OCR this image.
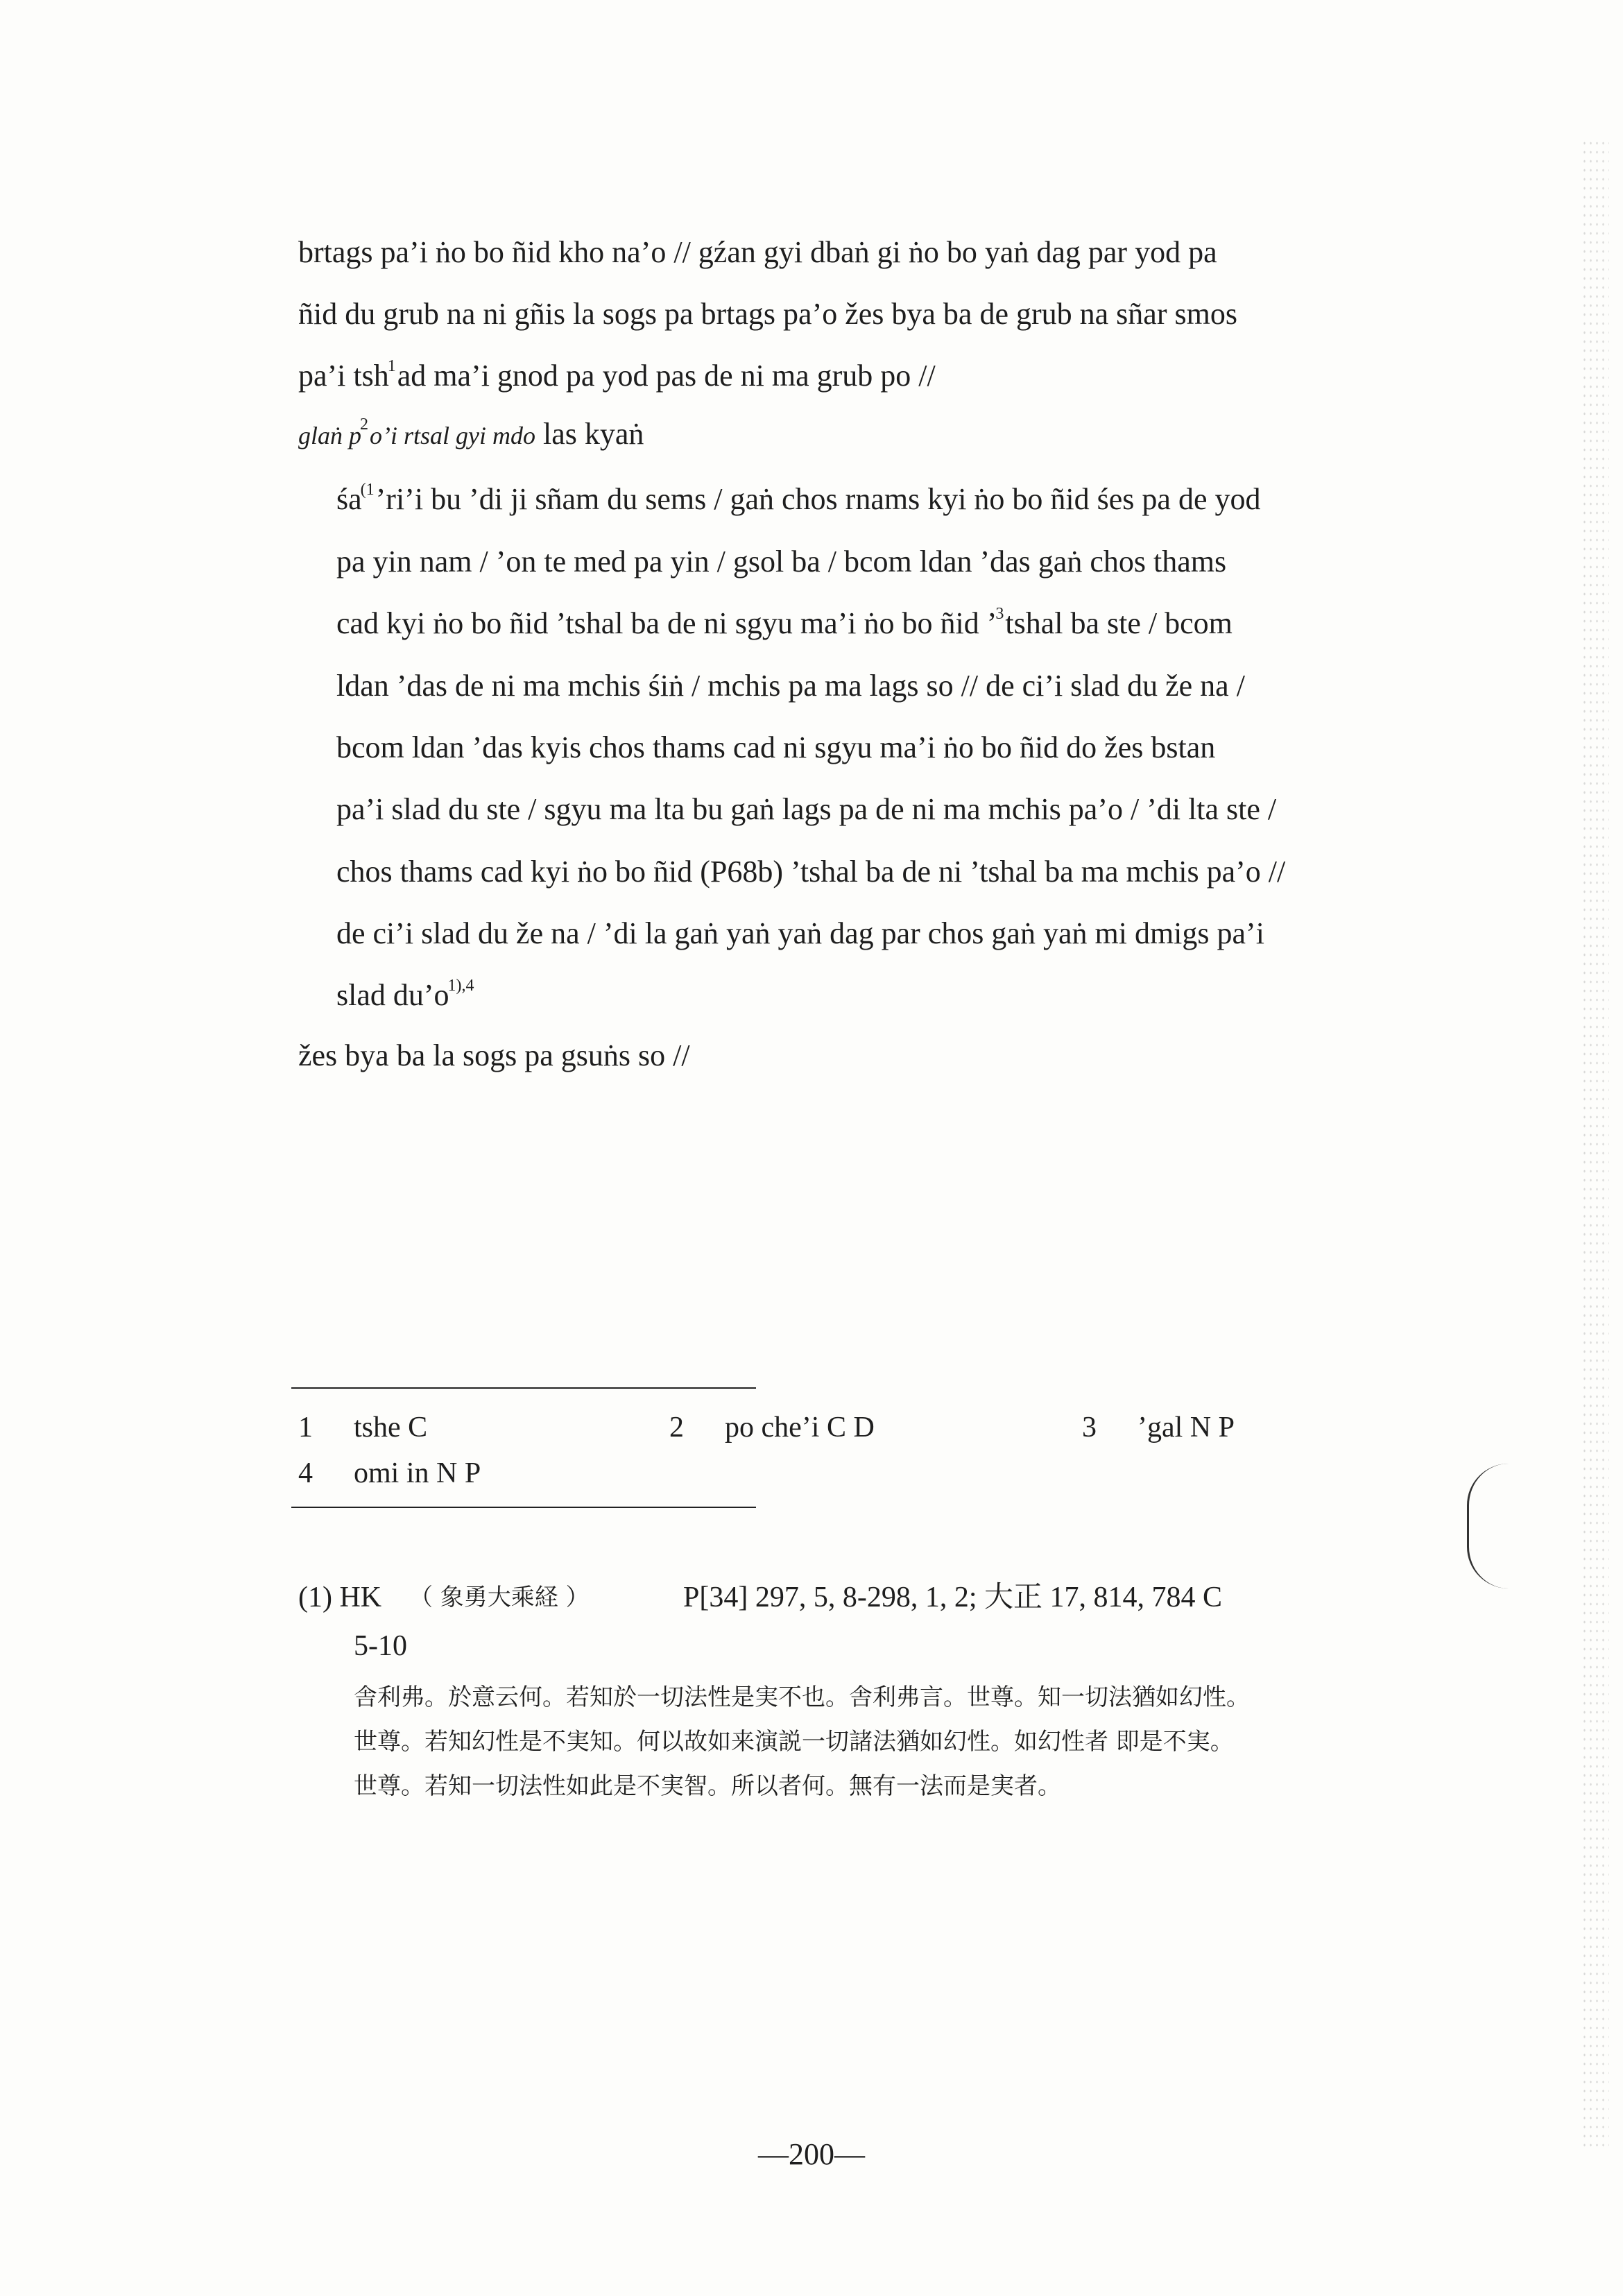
brtags pa’i ṅo bo ñid kho na’o // gźan gyi dbaṅ gi ṅo bo yaṅ dag par yod pa
ñid du grub na ni gñis la sogs pa brtags pa’o žes bya ba de grub na sñar smos
pa’i tsh$^1$ad ma’i gnod pa yod pas de ni ma grub po //
glaṅ $p^2o’i$ rtsal gyi mdo las kyaṅ
$śa^{(1}’ri’i$ bu ’di ji sñam du sems / gaṅ chos rnams kyi ṅo bo ñid śes pa de yod
pa yin nam / ’on te med pa yin / gsol ba / bcom ldan ’das gaṅ chos thams
cad kyi ṅo bo ñid ’tshal ba de ni sgyu ma’i ṅo bo ñid ’$^3$tshal ba ste / bcom
ldan ’das de ni ma mchis śiṅ / mchis pa ma lags so // de ci’i slad du že na /
bcom ldan ’das kyis chos thams cad ni sgyu ma’i ṅo bo ñid do žes bstan
pa’i slad du ste / sgyu ma lta bu gaṅ lags pa de ni ma mchis pa’o / ’di lta ste /
chos thams cad kyi ṅo bo ñid (P68b) ’tshal ba de ni ’tshal ba ma mchis pa’o //
de ci’i slad du že na / ’di la gaṅ yaṅ yaṅ dag par chos gaṅ yaṅ mi dmigs pa’i
slad $du’o^{1),4}$
žes bya ba la sogs pa gsuṅs so //
1 tshe C	2 po che’i C D	3 ’gal N P
4 omi in N P
(1) HK （ 象勇大乘経 ）	P[34] 297, 5, 8-298, 1, 2; 大正 17, 814, 784 C
5-10
舎利弗。於意云何。若知於一切法性是実不也。舎利弗言。世尊。知一切法猶如幻性。
世尊。若知幻性是不実知。何以故如来演説一切諸法猶如幻性。如幻性者 即是不実。
世尊。若知一切法性如此是不実智。所以者何。無有一法而是実者。
—200—
